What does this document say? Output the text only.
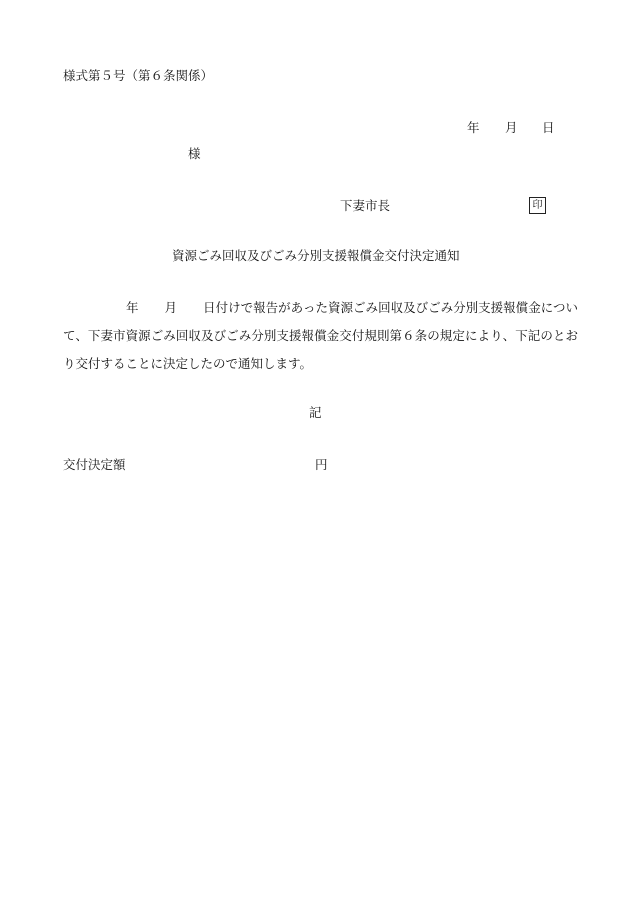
様式第５号（第６条関係）
年 月 日
様
下妻市長	印
資源ごみ回収及びごみ分別支援報償金交付決定通知
年 月 日付けで報告があった資源ごみ回収及びごみ分別支援報償金について、下妻市資源ごみ回収及びごみ分別支援報償金交付規則第６条の規定により、下記のとおり交付することに決定したので通知します。
記
交付決定額	円
